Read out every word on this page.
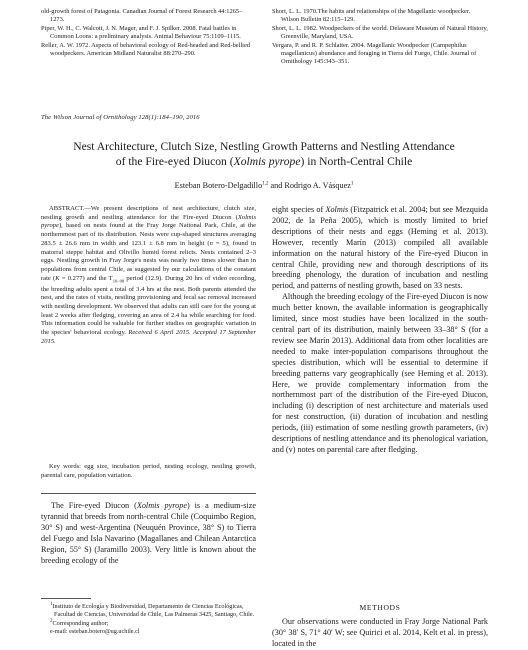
old-growth forest of Patagonia. Canadian Journal of Forest Research 44:1265–1273.

Piper, W. H., C. Walcott, J. N. Mager, and F. J. Spilker. 2008. Fatal battles in Common Loons: a preliminary analysis. Animal Behaviour 75:1109–1115.

Reller, A. W. 1972. Aspects of behavioral ecology of Red-headed and Red-bellied woodpeckers. American Midland Naturalist 88:270–290.

Short, L. L. 1970.The habits and relationships of the Magellanic woodpecker. Wilson Bulletin 82:115–129.

Short, L. L. 1982. Woodpeckers of the world. Delaware Museum of Natural History, Greenville, Maryland, USA.

Vergara, P. and R. P. Schlatter. 2004. Magellanic Woodpecker (Campephilus magellanicus) abundance and foraging in Tierra del Fuego, Chile. Journal of Ornithology 145:343–351.

The Wilson Journal of Ornithology 128(1):184–190, 2016
Nest Architecture, Clutch Size, Nestling Growth Patterns and Nestling Attendance
of the Fire-eyed Diucon (Xolmis pyrope) in North-Central Chile
Esteban Botero-Delgadillo$^{1,2}$ and Rodrigo A. Vásquez$^1$

ABSTRACT.—We present descriptions of nest architecture, clutch size, nestling growth and nestling attendance for the Fire-eyed Diucon (Xolmis pyrope), based on nests found at the Fray Jorge National Park, Chile, at the northernmost part of its distribution. Nests were cup-shaped structures averaging 283.5 ± 26.6 mm in width and 123.1 ± 6.8 mm in height (n = 5), found in matorral steppe habitat and Olivillo humid forest relicts. Nests contained 2–3 eggs. Nestling growth in Fray Jorge's nests was nearly two times slower than in populations from central Chile, as suggested by our calculations of the constant rate (K = 0.277) and the $T_{10-90}$ period (12.9). During 20 hrs of video recording, the breeding adults spent a total of 3.4 hrs at the nest. Both parents attended the nest, and the rates of visits, nestling provisioning and fecal sac removal increased with nestling development. We observed that adults can still care for the young at least 2 weeks after fledging, covering an area of 2.4 ha while searching for food. This information could be valuable for further studies on geographic variation in the species' behavioral ecology. Received 6 April 2015. Accepted 17 September 2015.

Key words: egg size, incubation period, nesting ecology, nestling growth, parental care, population variation.

The Fire-eyed Diucon (Xolmis pyrope) is a medium-size tyrannid that breeds from north-central Chile (Coquimbo Region, 30° S) and west-Argentina (Neuquén Province, 38° S) to Tierra del Fuego and Isla Navarino (Magallanes and Chilean Antarctica Region, 55° S) (Jaramillo 2003). Very little is known about the breeding ecology of the

$^1$Instituto de Ecología y Biodiversidad, Departamento de Ciencias Ecológicas, Facultad de Ciencias, Universidad de Chile, Las Palmeras 3425, Santiago, Chile.

$^2$Corresponding author;

e-mail: esteban.botero@ug.uchile.cl

eight species of Xolmis (Fitzpatrick et al. 2004; but see Mezquida 2002, de la Peña 2005), which is mostly limited to brief descriptions of their nests and eggs (Heming et al. 2013). However, recently Marín (2013) compiled all available information on the natural history of the Fire-eyed Diucon in central Chile, providing new and thorough descriptions of its breeding phenology, the duration of incubation and nestling period, and patterns of nestling growth, based on 33 nests.

Although the breeding ecology of the Fire-eyed Diucon is now much better known, the available information is geographically limited, since most studies have been localized in the south-central part of its distribution, mainly between 33–38° S (for a review see Marín 2013). Additional data from other localities are needed to make inter-population comparisons throughout the species distribution, which will be essential to determine if breeding patterns vary geographically (see Heming et al. 2013). Here, we provide complementary information from the northernmost part of the distribution of the Fire-eyed Diucon, including (i) description of nest architecture and materials used for nest construction, (ii) duration of incubation and nestling periods, (iii) estimation of some nestling growth parameters, (iv) descriptions of nestling attendance and its phenological variation, and (v) notes on parental care after fledging.

METHODS

Our observations were conducted in Fray Jorge National Park (30° 38′ S, 71° 40′ W; see Quirici et al. 2014, Kelt et al. in press), located in the
